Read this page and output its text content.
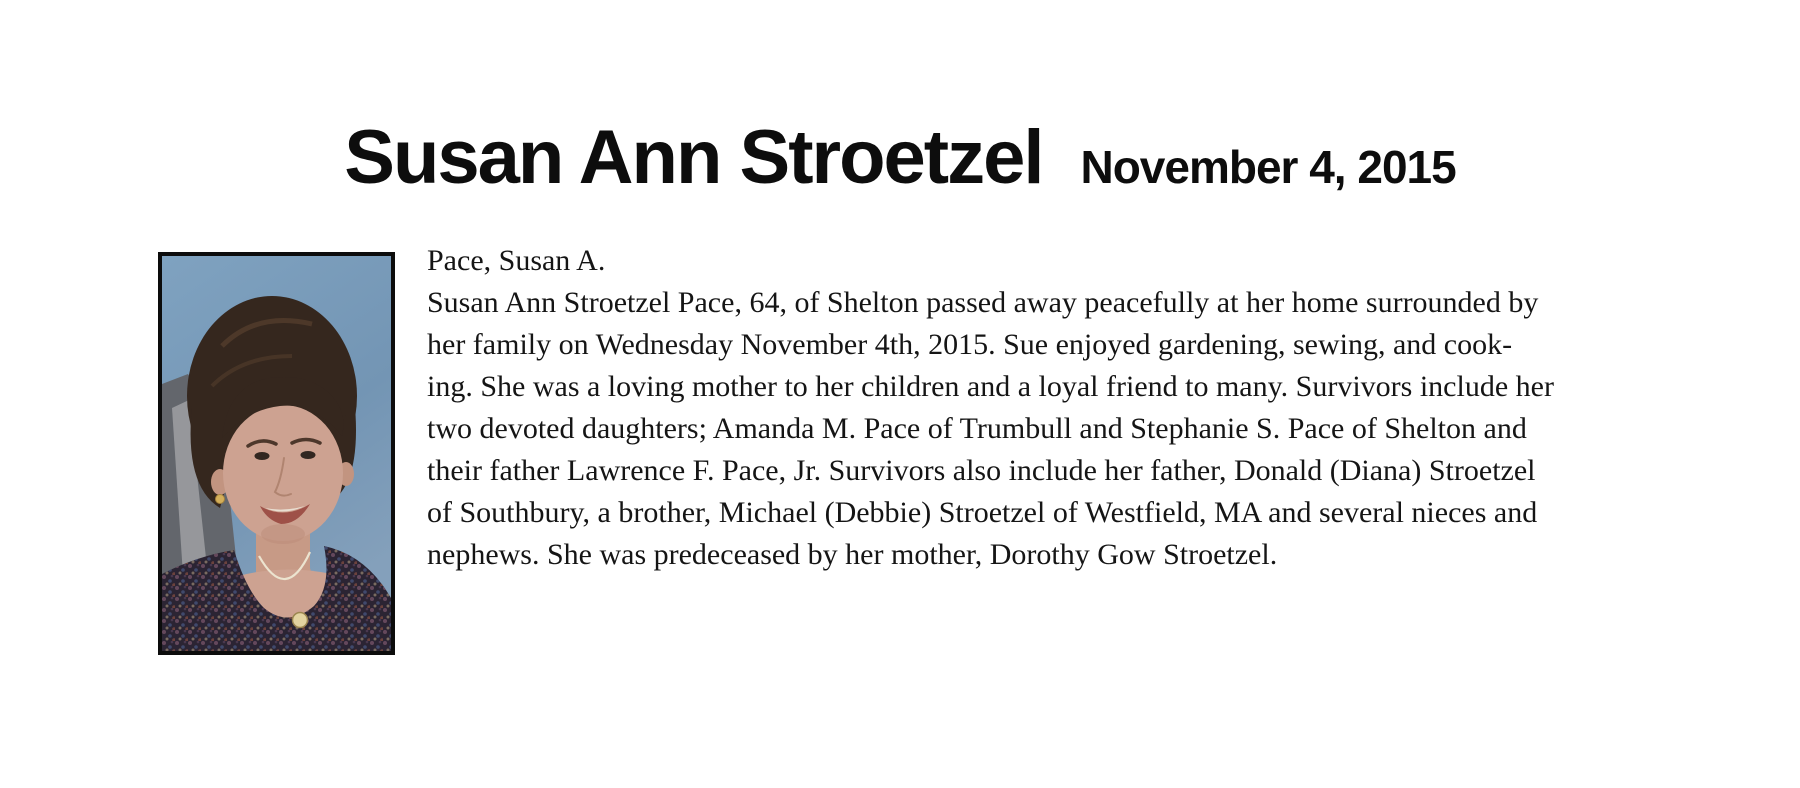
Susan Ann Stroetzel November 4, 2015
Pace, Susan A.
Susan Ann Stroetzel Pace, 64, of Shelton passed away peacefully at her home surrounded by
her family on Wednesday November 4th, 2015. Sue enjoyed gardening, sewing, and cook-
ing. She was a loving mother to her children and a loyal friend to many. Survivors include her
two devoted daughters; Amanda M. Pace of Trumbull and Stephanie S. Pace of Shelton and
their father Lawrence F. Pace, Jr. Survivors also include her father, Donald (Diana) Stroetzel
of Southbury, a brother, Michael (Debbie) Stroetzel of Westfield, MA and several nieces and
nephews. She was predeceased by her mother, Dorothy Gow Stroetzel.
